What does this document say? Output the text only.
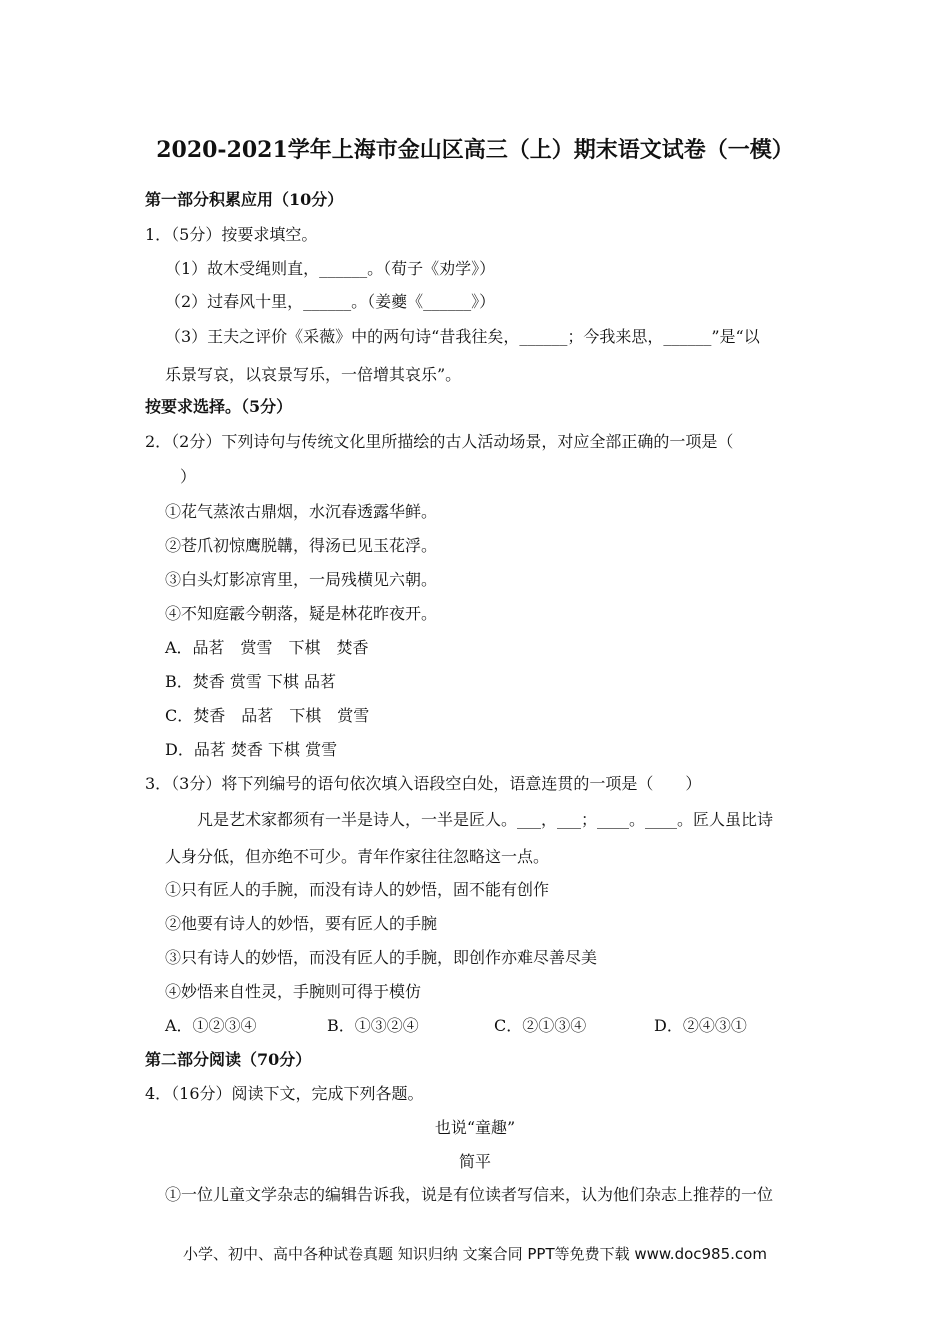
2020-2021学年上海市金山区高三（上）期末语文试卷（一模）
第一部分积累应用（10分）
1．（5分）按要求填空。
（1）故木受绳则直，______。（荀子《劝学》）
（2）过春风十里，______。（姜夔《______》）
（3）王夫之评价《采薇》中的两句诗“昔我往矣，______；今我来思，______”是“以
乐景写哀，以哀景写乐，一倍增其哀乐”。
按要求选择。（5分）
2．（2分）下列诗句与传统文化里所描绘的古人活动场景，对应全部正确的一项是（
）
①花气蒸浓古鼎烟，水沉春透露华鲜。
②苍爪初惊鹰脱韝，得汤已见玉花浮。
③白头灯影凉宵里，一局残横见六朝。
④不知庭霰今朝落，疑是林花昨夜开。
A．品茗　赏雪　下棋　焚香
B．焚香 赏雪 下棋 品茗
C．焚香　品茗　下棋　赏雪
D．品茗 焚香 下棋 赏雪
3．（3分）将下列编号的语句依次填入语段空白处，语意连贯的一项是（　　）
凡是艺术家都须有一半是诗人，一半是匠人。___，___；____。____。匠人虽比诗
人身分低，但亦绝不可少。青年作家往往忽略这一点。
①只有匠人的手腕，而没有诗人的妙悟，固不能有创作
②他要有诗人的妙悟，要有匠人的手腕
③只有诗人的妙悟，而没有匠人的手腕，即创作亦难尽善尽美
④妙悟来自性灵，手腕则可得于模仿
A．①②③④	B．①③②④	C．②①③④	D．②④③①
第二部分阅读（70分）
4．（16分）阅读下文，完成下列各题。
也说“童趣”
简平
①一位儿童文学杂志的编辑告诉我，说是有位读者写信来，认为他们杂志上推荐的一位
小学、初中、高中各种试卷真题 知识归纳 文案合同 PPT等免费下载 www.doc985.com
